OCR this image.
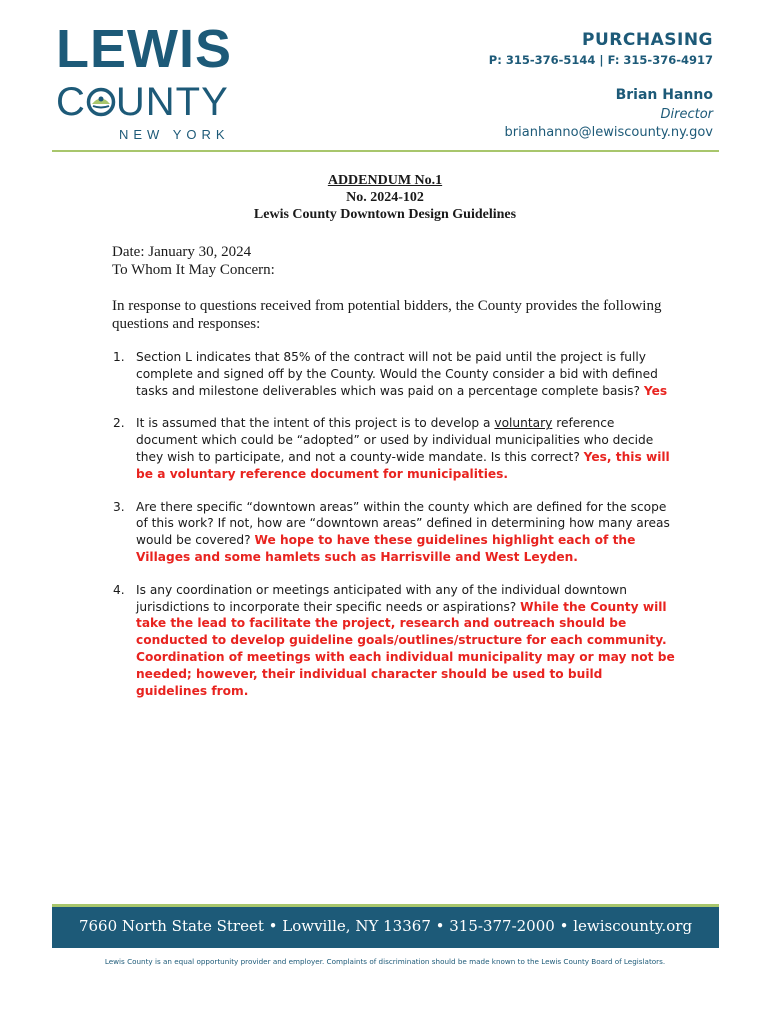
LEWIS
C UNTY
NEW YORK
PURCHASING
P: 315-376-5144 | F: 315-376-4917
Brian Hanno
Director
brianhanno@lewiscounty.ny.gov
ADDENDUM No.1
No. 2024-102
Lewis County Downtown Design Guidelines
Date: January 30, 2024
To Whom It May Concern:
In response to questions received from potential bidders, the County provides the following questions and responses:
1. Section L indicates that 85% of the contract will not be paid until the project is fully complete and signed off by the County. Would the County consider a bid with defined tasks and milestone deliverables which was paid on a percentage complete basis? Yes
2. It is assumed that the intent of this project is to develop a voluntary reference document which could be “adopted” or used by individual municipalities who decide they wish to participate, and not a county-wide mandate. Is this correct? Yes, this will be a voluntary reference document for municipalities.
3. Are there specific “downtown areas” within the county which are defined for the scope of this work? If not, how are “downtown areas” defined in determining how many areas would be covered? We hope to have these guidelines highlight each of the Villages and some hamlets such as Harrisville and West Leyden.
4. Is any coordination or meetings anticipated with any of the individual downtown jurisdictions to incorporate their specific needs or aspirations? While the County will take the lead to facilitate the project, research and outreach should be conducted to develop guideline goals/outlines/structure for each community. Coordination of meetings with each individual municipality may or may not be needed; however, their individual character should be used to build guidelines from.
7660 North State Street • Lowville, NY 13367 • 315-377-2000 • lewiscounty.org
Lewis County is an equal opportunity provider and employer. Complaints of discrimination should be made known to the Lewis County Board of Legislators.
